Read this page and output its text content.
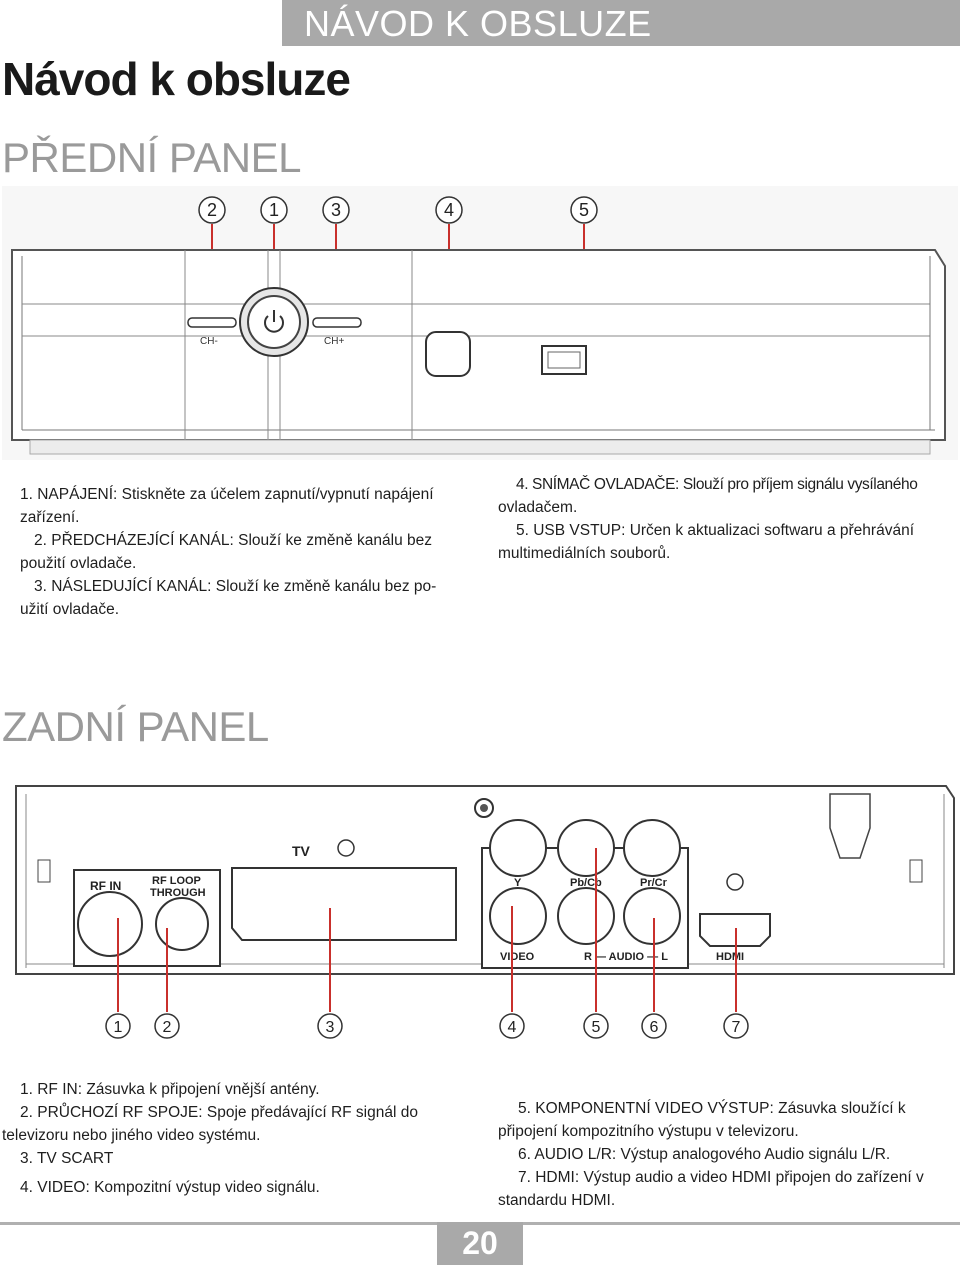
NÁVOD K OBSLUZE
Návod k obsluze
PŘEDNÍ PANEL
2	1	3	4	5
CH-	CH+
1. NAPÁJENÍ: Stiskněte za účelem zapnutí/vypnutí napájení
zařízení.
2. PŘEDCHÁZEJÍCÍ KANÁL: Slouží ke změně kanálu bez
použití ovladače.
3. NÁSLEDUJÍCÍ KANÁL: Slouží ke změně kanálu bez po-
užití ovladače.
4. SNÍMAČ OVLADAČE: Slouží pro příjem signálu vysílaného
ovladačem.
5. USB VSTUP: Určen k aktualizaci softwaru a přehrávání
multimediálních souborů.
ZADNÍ PANEL
TV
RF IN	RF LOOP
THROUGH
Y	Pb/Cb	Pr/Cr
VIDEO	R — AUDIO — L	HDMI
1	2	3	4	5	6	7
1. RF IN: Zásuvka k připojení vnější antény.
2. PRŮCHOZÍ RF SPOJE: Spoje předávající RF signál do
televizoru nebo jiného video systému.
3. TV SCART
4. VIDEO: Kompozitní výstup video signálu.
5. KOMPONENTNÍ VIDEO VÝSTUP: Zásuvka sloužící k
připojení kompozitního výstupu v televizoru.
6. AUDIO L/R: Výstup analogového Audio signálu L/R.
7. HDMI: Výstup audio a video HDMI připojen do zařízení v
standardu HDMI.
20
